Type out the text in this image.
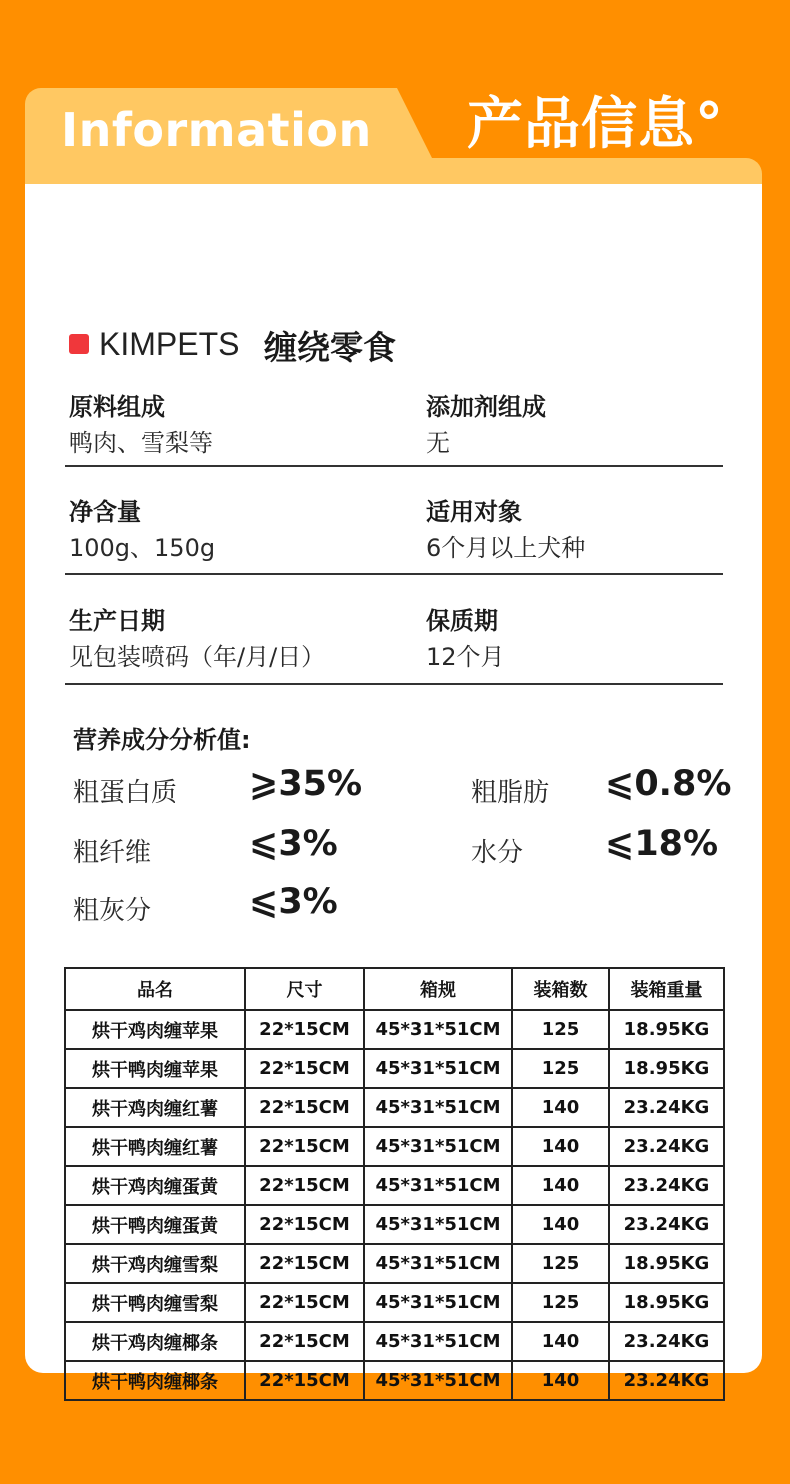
Information
KIMPETS 缠绕零食
原料组成
鸭肉、雪梨等
添加剂组成
无
净含量
100g、150g
适用对象
6个月以上犬种
生产日期
见包装喷码（年/月/日）
保质期
12个月
营养成分分析值:
粗蛋白质 ⩾35%	粗脂肪 ⩽0.8%
粗纤维	⩽3%	水分 ⩽18%
粗灰分	⩽3%
品名	尺寸	箱规	装箱数	装箱重量
烘干鸡肉缠苹果	22*15CM	45*31*51CM	125	18.95KG
烘干鸭肉缠苹果	22*15CM	45*31*51CM	125	18.95KG
烘干鸡肉缠红薯	22*15CM	45*31*51CM	140	23.24KG
烘干鸭肉缠红薯	22*15CM	45*31*51CM	140	23.24KG
烘干鸡肉缠蛋黄	22*15CM	45*31*51CM	140	23.24KG
烘干鸭肉缠蛋黄	22*15CM	45*31*51CM	140	23.24KG
烘干鸡肉缠雪梨	22*15CM	45*31*51CM	125	18.95KG
烘干鸭肉缠雪梨	22*15CM	45*31*51CM	125	18.95KG
烘干鸡肉缠椰条	22*15CM	45*31*51CM	140	23.24KG
烘干鸭肉缠椰条	22*15CM	45*31*51CM	140	23.24KG
产品信息°
